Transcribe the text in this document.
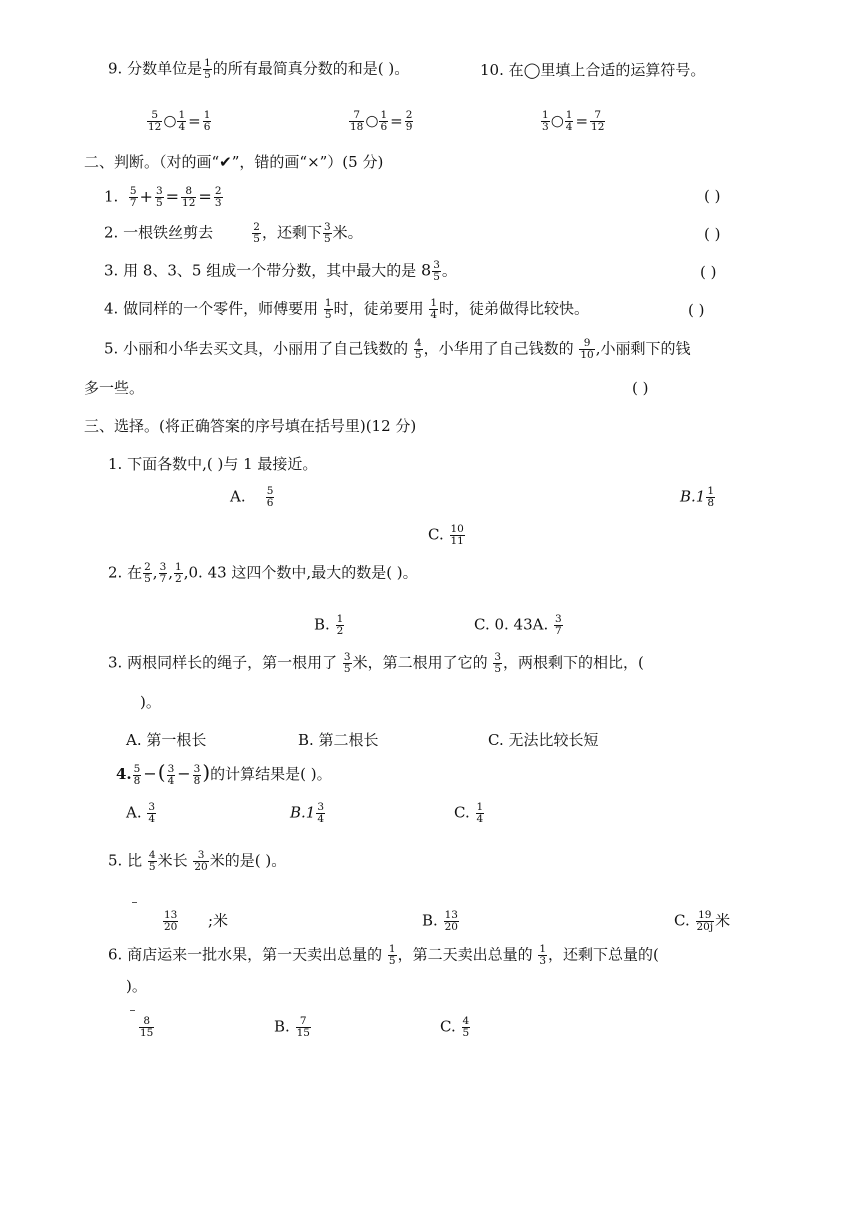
9. 分数单位是 $\frac{1}{5}$ 的所有最简真分数的和是( )。	10. 在◯里填上合适的运算符号。
$\frac{5}{12}$ ○ $\frac{1}{4} = \frac{1}{6}$	$\frac{7}{18}$ ○ $\frac{1}{6} = \frac{2}{9}$	$\frac{1}{3}$ ○ $\frac{1}{4} = \frac{7}{12}$
二、判断。（对的画“✔”，错的画“×”）(5 分)
1. $\frac{5}{7} + \frac{3}{5} = \frac{8}{12} = \frac{2}{3}$	( )
2. 一根铁丝剪去	$\frac{2}{5}$ ，还剩下 $\frac{3}{5}$ 米。	( )
3. 用 8、3、5 组成一个带分数，其中最大的是 $8 \frac{3}{5}$ 。	( )
4. 做同样的一个零件，师傅要用 $\frac{1}{5}$ 时，徒弟要用 $\frac{1}{4}$ 时，徒弟做得比较快。	( )
5. 小丽和小华去买文具，小丽用了自己钱数的 $\frac{4}{5}$ ，小华用了自己钱数的 $\frac{9}{10}$ ,小丽剩下的钱
多一些。	( )
三、选择。(将正确答案的序号填在括号里)(12 分)
1. 下面各数中,( )与 1 最接近。
A. $\frac{5}{6}$	$B.1 \frac{1}{8}$
C. $\frac{10}{11}$
2. 在 $\frac{2}{5}$ , $\frac{3}{7}$ , $\frac{1}{2} ,0$. 43 这四个数中,最大的数是( )。
B. $\frac{1}{2}$	C. 0. 43A. $\frac{3}{7}$
3. 两根同样长的绳子，第一根用了 $\frac{3}{5}$ 米，第二根用了它的 $\frac{3}{5}$ ，两根剩下的相比，(
)。
A. 第一根长	B. 第二根长	C. 无法比较长短
4. $\frac{5}{8}$ −( $\frac{3}{4} - \frac{3}{8}$ )的计算结果是( )。
A. $\frac{3}{4}$	$B.1 \frac{3}{4}$	C. $\frac{1}{4}$
5. 比 $\frac{4}{5}$ 米长 $\frac{3}{20}$ 米的是( )。
$\frac{13}{20}$ ;米	B. $\frac{13}{20}$	C. $\frac{19}{20j}$ 米
6. 商店运来一批水果，第一天卖出总量的 $\frac{1}{5}$ ，第二天卖出总量的 $\frac{1}{3}$ ，还剩下总量的(
)。
$\frac{8}{15}$	B. $\frac{7}{15}$	C. $\frac{4}{5}$
